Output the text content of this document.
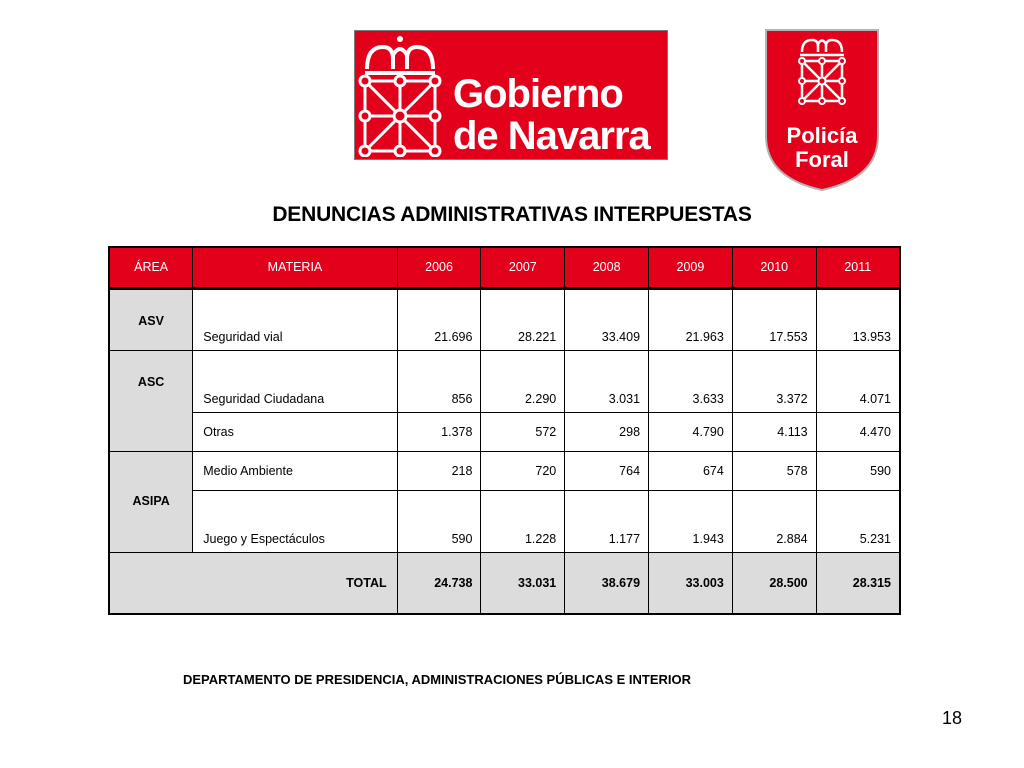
Gobierno
de Navarra	Policía
Foral
DENUNCIAS ADMINISTRATIVAS INTERPUESTAS
ÁREA	MATERIA	2006	2007	2008	2009	2010	2011
ASV	Seguridad vial	21.696	28.221	33.409	21.963	17.553	13.953
ASC	Seguridad Ciudadana	856	2.290	3.031	3.633	3.372	4.071
	Otras	1.378	572	298	4.790	4.113	4.470
ASIPA	Medio Ambiente	218	720	764	674	578	590
	Juego y Espectáculos	590	1.228	1.177	1.943	2.884	5.231
TOTAL		24.738	33.031	38.679	33.003	28.500	28.315
DEPARTAMENTO DE PRESIDENCIA, ADMINISTRACIONES PÚBLICAS E INTERIOR
18
